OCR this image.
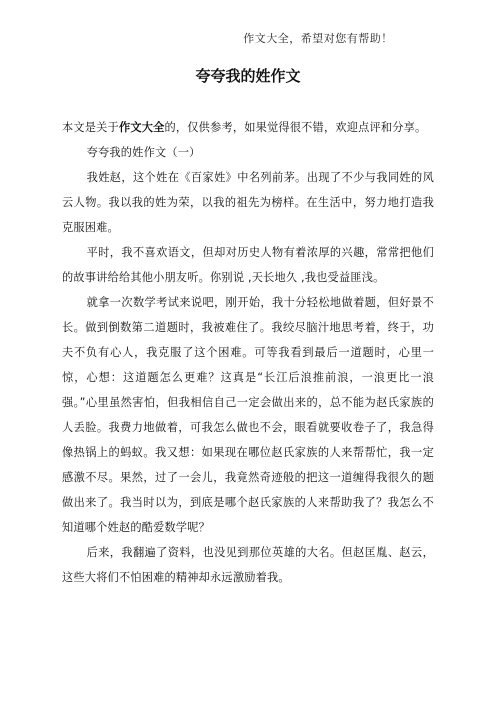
作文大全，希望对您有帮助！
夸夸我的姓作文

本文是关于作文大全的，仅供参考，如果觉得很不错，欢迎点评和分享。

夸夸我的姓作文（一）

我姓赵，这个姓在《百家姓》中名列前茅。出现了不少与我同姓的风云人物。我以我的姓为荣，以我的祖先为榜样。在生活中，努力地打造我克服困难。

平时，我不喜欢语文，但却对历史人物有着浓厚的兴趣，常常把他们的故事讲给给其他小朋友听。你别说 ,天长地久 ,我也受益匪浅。

就拿一次数学考试来说吧，刚开始，我十分轻松地做着题，但好景不长。做到倒数第二道题时，我被难住了。我绞尽脑汁地思考着，终于，功夫不负有心人，我克服了这个困难。可等我看到最后一道题时，心里一惊，心想：这道题怎么更难？这真是“长江后浪推前浪，一浪更比一浪强。”心里虽然害怕，但我相信自己一定会做出来的，总不能为赵氏家族的人丢脸。我费力地做着，可我怎么做也不会，眼看就要收卷子了，我急得像热锅上的蚂蚁。我又想：如果现在哪位赵氏家族的人来帮帮忙，我一定感激不尽。果然，过了一会儿，我竟然奇迹般的把这一道缠得我很久的题做出来了。我当时以为，到底是哪个赵氏家族的人来帮助我了？我怎么不知道哪个姓赵的酷爱数学呢？

后来，我翻遍了资料，也没见到那位英雄的大名。但赵匡胤、赵云，这些大将们不怕困难的精神却永远激励着我。
